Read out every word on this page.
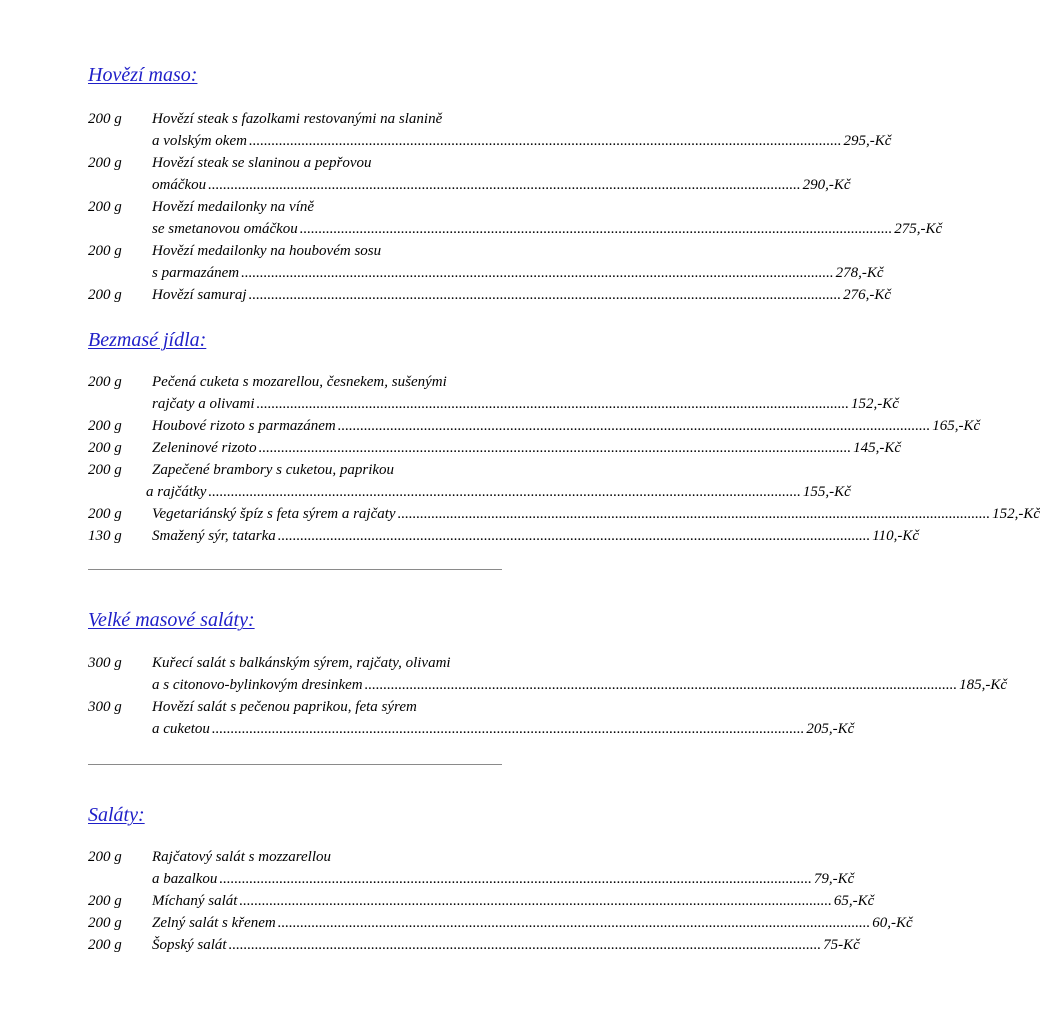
Hovězí maso:
200 g	Hovězí steak s fazolkami restovanými na slanině
a volským okem .....	295,-Kč
200 g	Hovězí steak se slaninou a pepřovou
omáčkou .....	290,-Kč
200 g	Hovězí medailonky na víně
se smetanovou omáčkou .....	275,-Kč
200 g	Hovězí medailonky na houbovém sosu
s parmazánem .....	278,-Kč
200 g	Hovězí samuraj .....	276,-Kč
Bezmasé jídla:
200 g	Pečená cuketa s mozarellou, česnekem, sušenými
rajčaty a olivami .....	152,-Kč
200 g	Houbové rizoto s parmazánem .....	165,-Kč
200 g	Zeleninové rizoto .....	145,-Kč
200 g	Zapečené brambory s cuketou, paprikou
a rajčátky .....	155,-Kč
200 g	Vegetariánský špíz s feta sýrem a rajčaty .....	152,-Kč
130 g	Smažený sýr, tatarka .....	110,-Kč
Velké masové saláty:
300 g	Kuřecí salát s balkánským sýrem, rajčaty, olivami
a s citonovo-bylinkovým dresinkem .....	185,-Kč
300 g	Hovězí salát s pečenou paprikou, feta sýrem
a cuketou .....	205,-Kč
Saláty:
200 g	Rajčatový salát s mozzarellou
a bazalkou .....	79,-Kč
200 g	Míchaný salát .....	65,-Kč
200 g	Zelný salát s křenem .....	60,-Kč
200 g	Šopský salát .....	75-Kč
